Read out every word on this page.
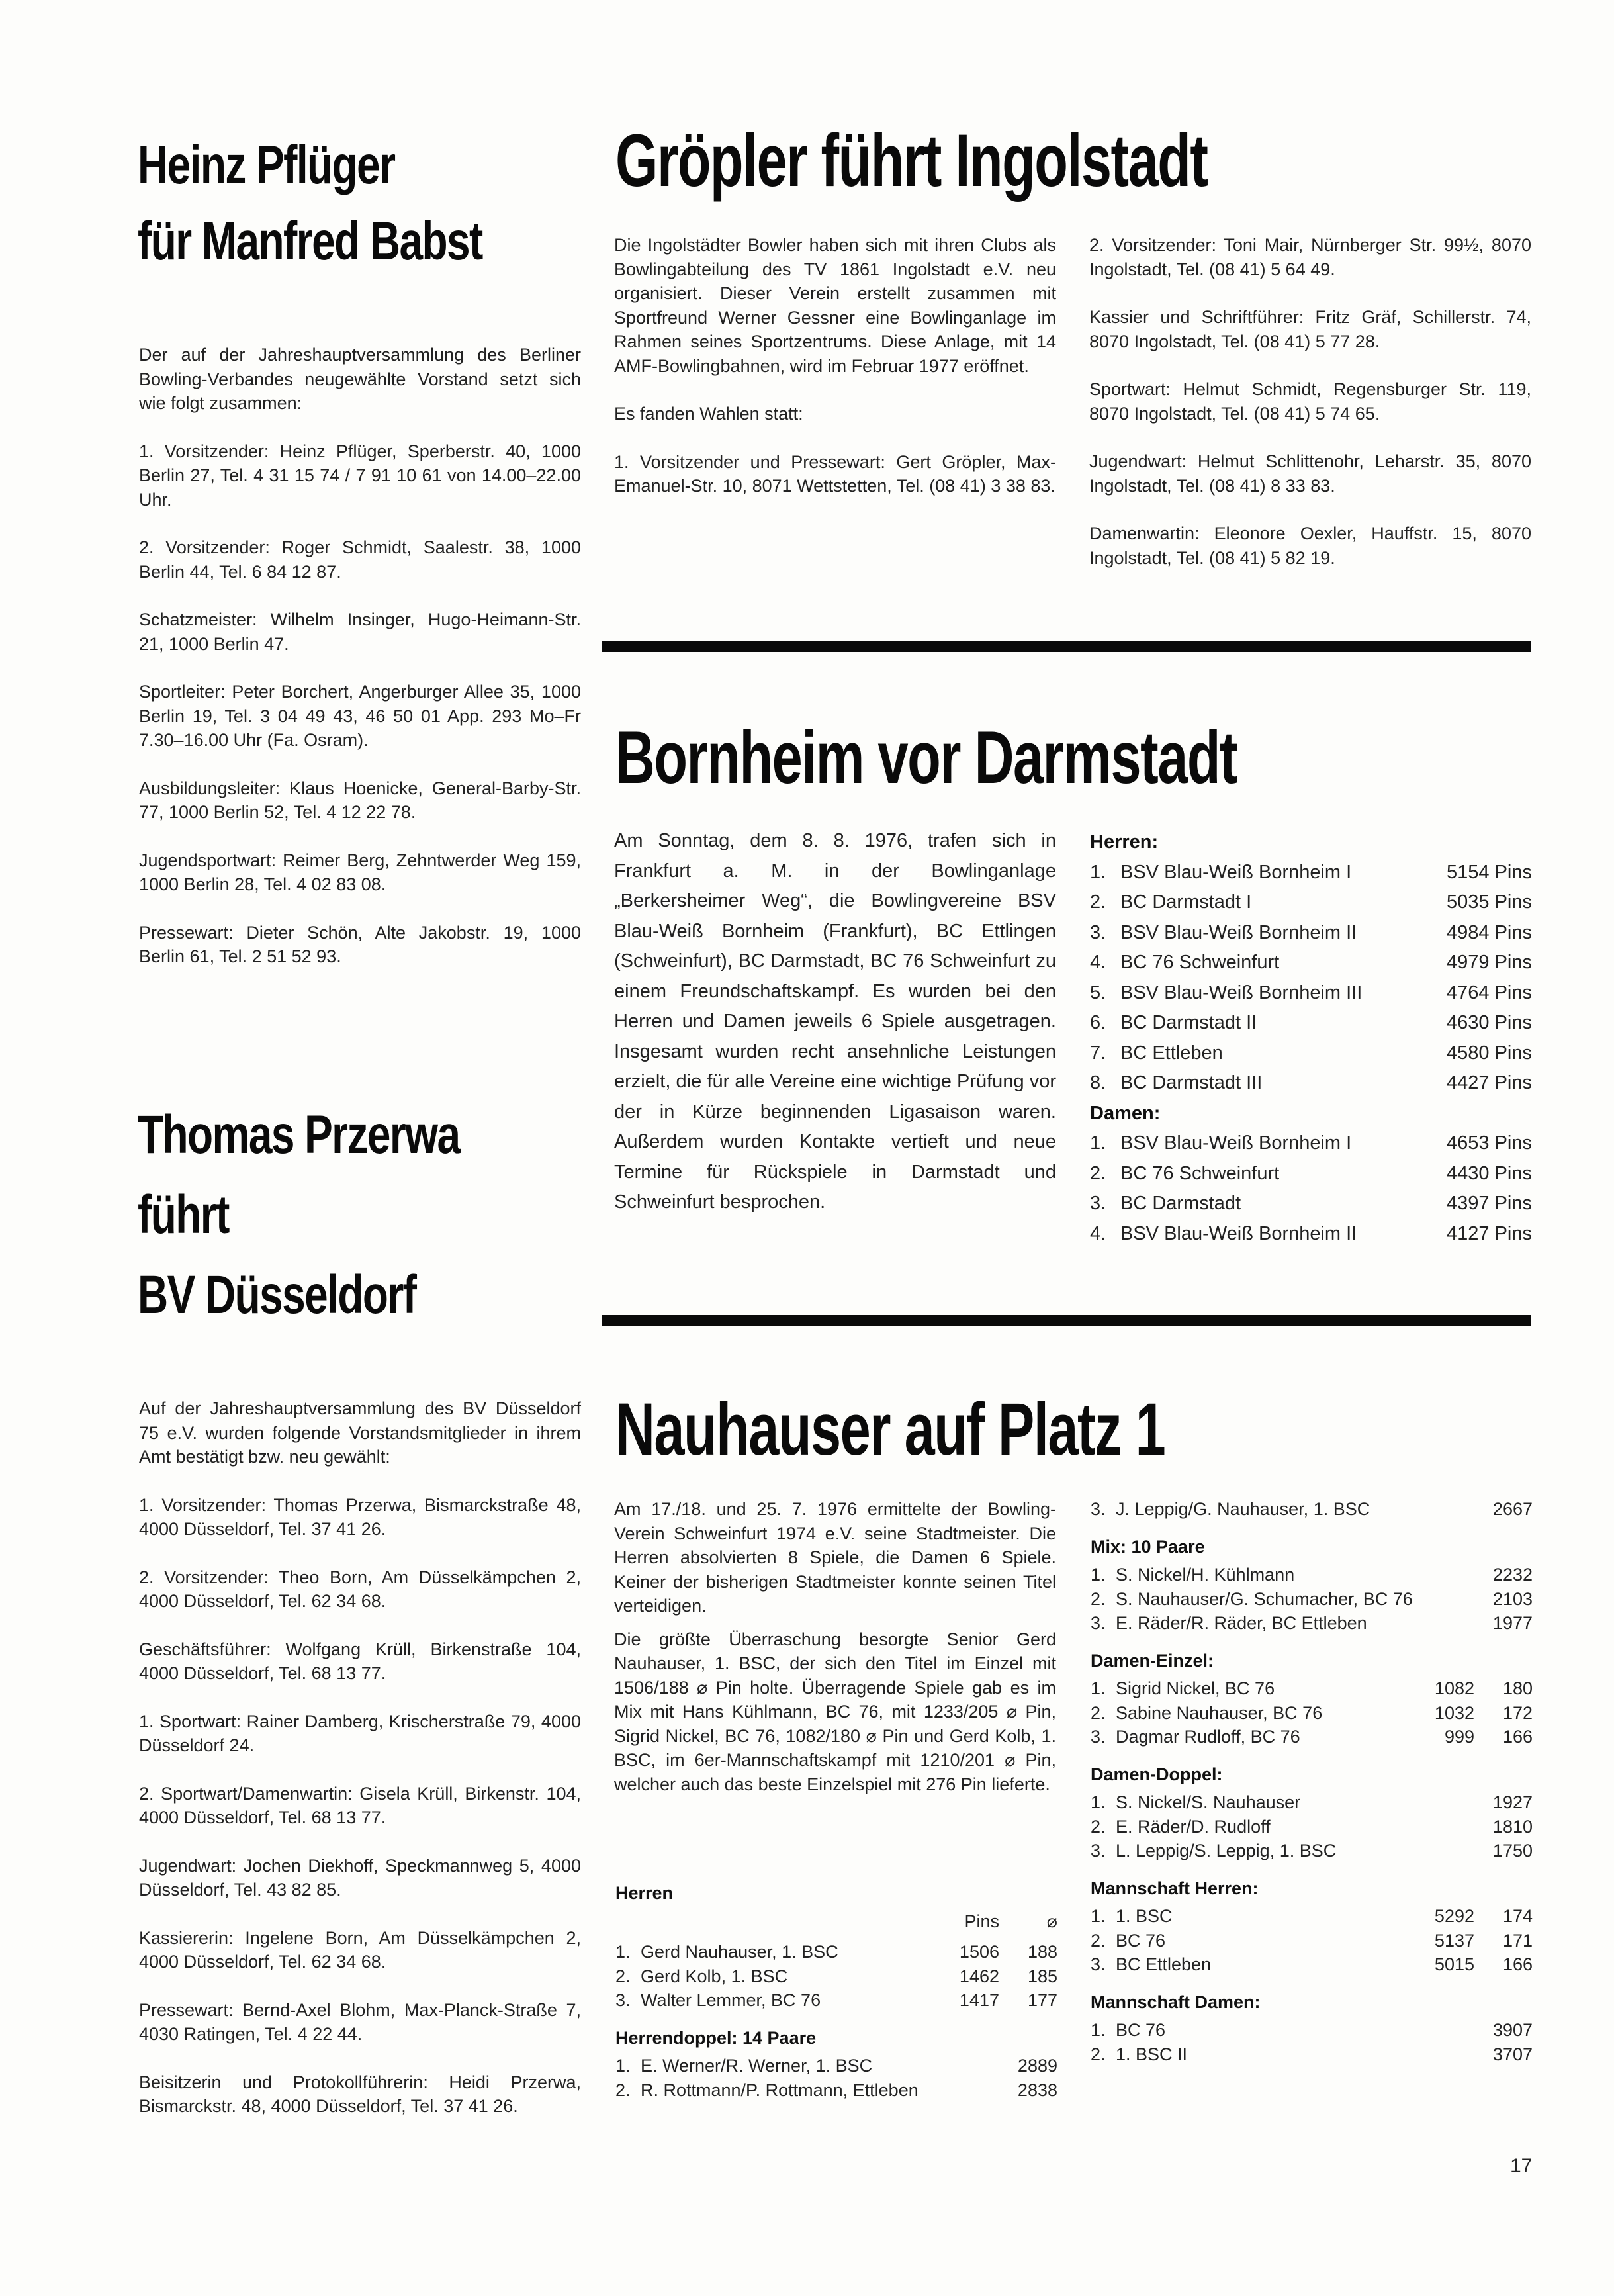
Heinz Pflüger
für Manfred Babst

Der auf der Jahreshauptversammlung des Berliner Bowling-Verbandes neugewählte Vorstand setzt sich wie folgt zusammen:

1. Vorsitzender: Heinz Pflüger, Sperberstr. 40, 1000 Berlin 27, Tel. 4 31 15 74 / 7 91 10 61 von 14.00–22.00 Uhr.

2. Vorsitzender: Roger Schmidt, Saalestr. 38, 1000 Berlin 44, Tel. 6 84 12 87.

Schatzmeister: Wilhelm Insinger, Hugo-Heimann-Str. 21, 1000 Berlin 47.

Sportleiter: Peter Borchert, Angerburger Allee 35, 1000 Berlin 19, Tel. 3 04 49 43, 46 50 01 App. 293 Mo–Fr 7.30–16.00 Uhr (Fa. Osram).

Ausbildungsleiter: Klaus Hoenicke, General-Barby-Str. 77, 1000 Berlin 52, Tel. 4 12 22 78.

Jugendsportwart: Reimer Berg, Zehntwerder Weg 159, 1000 Berlin 28, Tel. 4 02 83 08.

Pressewart: Dieter Schön, Alte Jakobstr. 19, 1000 Berlin 61, Tel. 2 51 52 93.

Gröpler führt Ingolstadt

Die Ingolstädter Bowler haben sich mit ihren Clubs als Bowlingabteilung des TV 1861 Ingolstadt e.V. neu organisiert. Dieser Verein erstellt zusammen mit Sportfreund Werner Gessner eine Bowlinganlage im Rahmen seines Sportzentrums. Diese Anlage, mit 14 AMF-Bowlingbahnen, wird im Februar 1977 eröffnet.

Es fanden Wahlen statt:

1. Vorsitzender und Pressewart: Gert Gröpler, Max-Emanuel-Str. 10, 8071 Wettstetten, Tel. (08 41) 3 38 83.

2. Vorsitzender: Toni Mair, Nürnberger Str. 99½, 8070 Ingolstadt, Tel. (08 41) 5 64 49.

Kassier und Schriftführer: Fritz Gräf, Schillerstr. 74, 8070 Ingolstadt, Tel. (08 41) 5 77 28.

Sportwart: Helmut Schmidt, Regensburger Str. 119, 8070 Ingolstadt, Tel. (08 41) 5 74 65.

Jugendwart: Helmut Schlittenohr, Leharstr. 35, 8070 Ingolstadt, Tel. (08 41) 8 33 83.

Damenwartin: Eleonore Oexler, Hauffstr. 15, 8070 Ingolstadt, Tel. (08 41) 5 82 19.

Bornheim vor Darmstadt

Am Sonntag, dem 8. 8. 1976, trafen sich in Frankfurt a. M. in der Bowlinganlage „Berkersheimer Weg“, die Bowlingvereine BSV Blau-Weiß Bornheim (Frankfurt), BC Ettlingen (Schweinfurt), BC Darmstadt, BC 76 Schweinfurt zu einem Freundschaftskampf. Es wurden bei den Herren und Damen jeweils 6 Spiele ausgetragen. Insgesamt wurden recht ansehnliche Leistungen erzielt, die für alle Vereine eine wichtige Prüfung vor der in Kürze beginnenden Ligasaison waren. Außerdem wurden Kontakte vertieft und neue Termine für Rückspiele in Darmstadt und Schweinfurt besprochen.

Herren:
1. BSV Blau-Weiß Bornheim I	5154 Pins
2. BC Darmstadt I	5035 Pins
3. BSV Blau-Weiß Bornheim II	4984 Pins
4. BC 76 Schweinfurt	4979 Pins
5. BSV Blau-Weiß Bornheim III	4764 Pins
6. BC Darmstadt II	4630 Pins
7. BC Ettleben	4580 Pins
8. BC Darmstadt III	4427 Pins
Damen:
1. BSV Blau-Weiß Bornheim I	4653 Pins
2. BC 76 Schweinfurt	4430 Pins
3. BC Darmstadt	4397 Pins
4. BSV Blau-Weiß Bornheim II	4127 Pins
Thomas Przerwa
führt
BV Düsseldorf

Auf der Jahreshauptversammlung des BV Düsseldorf 75 e.V. wurden folgende Vorstandsmitglieder in ihrem Amt bestätigt bzw. neu gewählt:

1. Vorsitzender: Thomas Przerwa, Bismarckstraße 48, 4000 Düsseldorf, Tel. 37 41 26.

2. Vorsitzender: Theo Born, Am Düsselkämpchen 2, 4000 Düsseldorf, Tel. 62 34 68.

Geschäftsführer: Wolfgang Krüll, Birkenstraße 104, 4000 Düsseldorf, Tel. 68 13 77.

1. Sportwart: Rainer Damberg, Krischerstraße 79, 4000 Düsseldorf 24.

2. Sportwart/Damenwartin: Gisela Krüll, Birkenstr. 104, 4000 Düsseldorf, Tel. 68 13 77.

Jugendwart: Jochen Diekhoff, Speckmannweg 5, 4000 Düsseldorf, Tel. 43 82 85.

Kassiererin: Ingelene Born, Am Düsselkämpchen 2, 4000 Düsseldorf, Tel. 62 34 68.

Pressewart: Bernd-Axel Blohm, Max-Planck-Straße 7, 4030 Ratingen, Tel. 4 22 44.

Beisitzerin und Protokollführerin: Heidi Przerwa, Bismarckstr. 48, 4000 Düsseldorf, Tel. 37 41 26.

Nauhauser auf Platz 1

Am 17./18. und 25. 7. 1976 ermittelte der Bowling-Verein Schweinfurt 1974 e.V. seine Stadtmeister. Die Herren absolvierten 8 Spiele, die Damen 6 Spiele. Keiner der bisherigen Stadtmeister konnte seinen Titel verteidigen.

Die größte Überraschung besorgte Senior Gerd Nauhauser, 1. BSC, der sich den Titel im Einzel mit 1506/188 ⌀ Pin holte. Überragende Spiele gab es im Mix mit Hans Kühlmann, BC 76, mit 1233/205 ⌀ Pin, Sigrid Nickel, BC 76, 1082/180 ⌀ Pin und Gerd Kolb, 1. BSC, im 6er-Mannschaftskampf mit 1210/201 ⌀ Pin, welcher auch das beste Einzelspiel mit 276 Pin lieferte.

Herren
Pins	⌀
1. Gerd Nauhauser, 1. BSC	1506	188
2. Gerd Kolb, 1. BSC	1462	185
3. Walter Lemmer, BC 76	1417	177
Herrendoppel: 14 Paare
1. E. Werner/R. Werner, 1. BSC	2889
2. R. Rottmann/P. Rottmann, Ettleben	2838
3. J. Leppig/G. Nauhauser, 1. BSC	2667
Mix: 10 Paare
1. S. Nickel/H. Kühlmann	2232
2. S. Nauhauser/G. Schumacher, BC 76	2103
3. E. Räder/R. Räder, BC Ettleben	1977
Damen-Einzel:
1. Sigrid Nickel, BC 76	1082	180
2. Sabine Nauhauser, BC 76	1032	172
3. Dagmar Rudloff, BC 76	999	166
Damen-Doppel:
1. S. Nickel/S. Nauhauser	1927
2. E. Räder/D. Rudloff	1810
3. L. Leppig/S. Leppig, 1. BSC	1750
Mannschaft Herren:
1. 1. BSC	5292	174
2. BC 76	5137	171
3. BC Ettleben	5015	166
Mannschaft Damen:
1. BC 76	3907
2. 1. BSC II	3707
17
